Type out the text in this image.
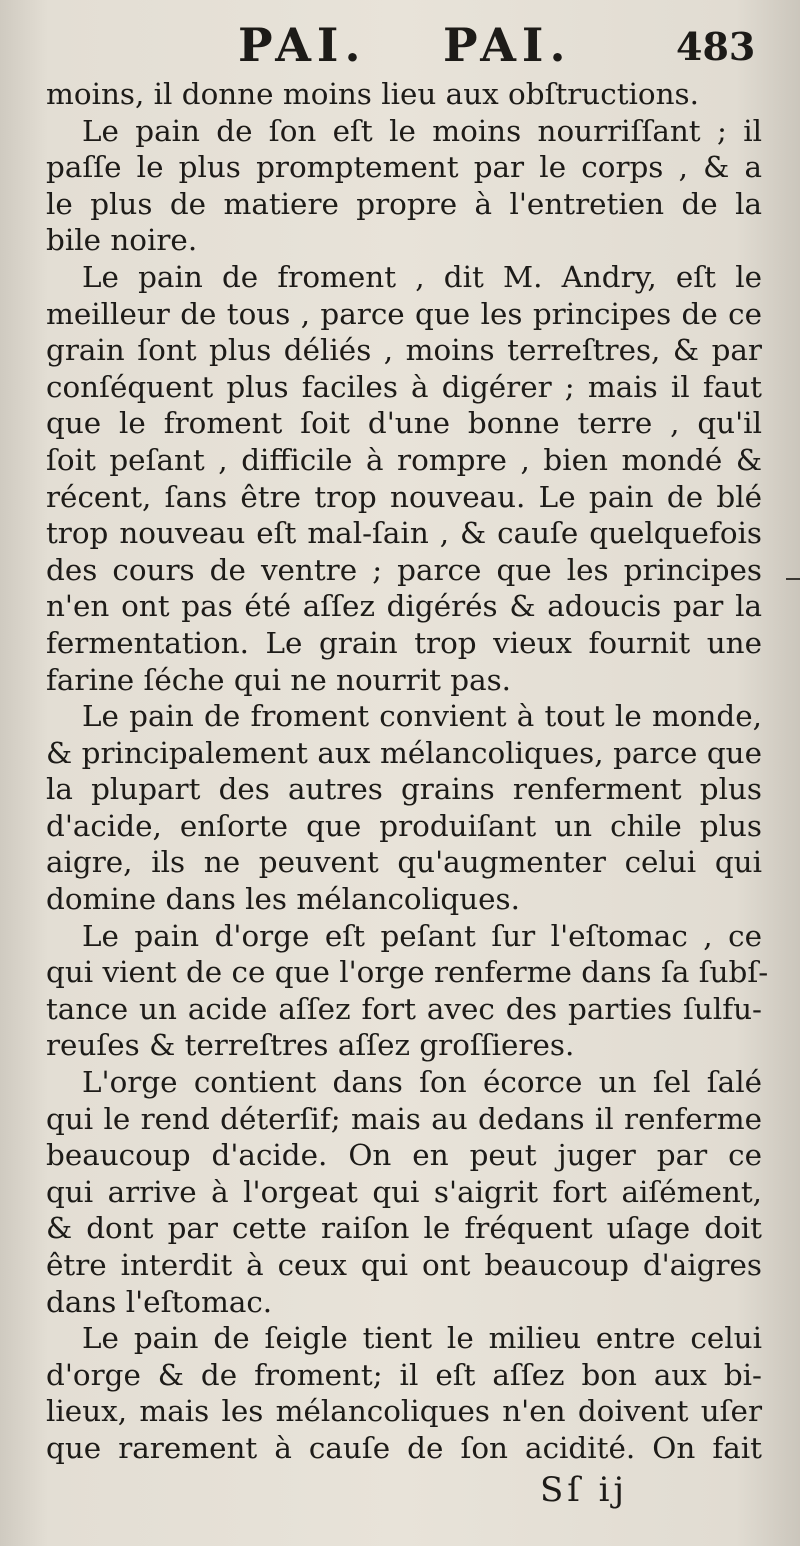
PAI. PAI.	483

moins, il donne moins lieu aux obſtructions.

Le pain de ſon eſt le moins nourriſſant ; il
paſſe le plus promptement par le corps , & a
le plus de matiere propre à l'entretien de la
bile noire.

Le pain de froment , dit M. Andry, eſt le
meilleur de tous , parce que les principes de ce
grain ſont plus déliés , moins terreſtres, & par
conſéquent plus faciles à digérer ; mais il faut
que le froment ſoit d'une bonne terre , qu'il
ſoit peſant , difficile à rompre , bien mondé &
récent, ſans être trop nouveau. Le pain de blé
trop nouveau eſt mal-ſain , & cauſe quelquefois
des cours de ventre ; parce que les principes
n'en ont pas été aſſez digérés & adoucis par la
fermentation. Le grain trop vieux fournit une
farine ſéche qui ne nourrit pas.

Le pain de froment convient à tout le monde,
& principalement aux mélancoliques, parce que
la plupart des autres grains renferment plus
d'acide, enſorte que produiſant un chile plus
aigre, ils ne peuvent qu'augmenter celui qui
domine dans les mélancoliques.

Le pain d'orge eſt peſant ſur l'eſtomac , ce
qui vient de ce que l'orge renferme dans ſa ſubſ-
tance un acide aſſez fort avec des parties ſulfu-
reuſes & terreſtres aſſez groſſieres.

L'orge contient dans ſon écorce un ſel ſalé
qui le rend déterſif; mais au dedans il renferme
beaucoup d'acide. On en peut juger par ce
qui arrive à l'orgeat qui s'aigrit fort aiſément,
& dont par cette raiſon le fréquent uſage doit
être interdit à ceux qui ont beaucoup d'aigres
dans l'eſtomac.

Le pain de ſeigle tient le milieu entre celui
d'orge & de froment; il eſt aſſez bon aux bi-
lieux, mais les mélancoliques n'en doivent uſer
que rarement à cauſe de ſon acidité. On fait

Sſ ij
